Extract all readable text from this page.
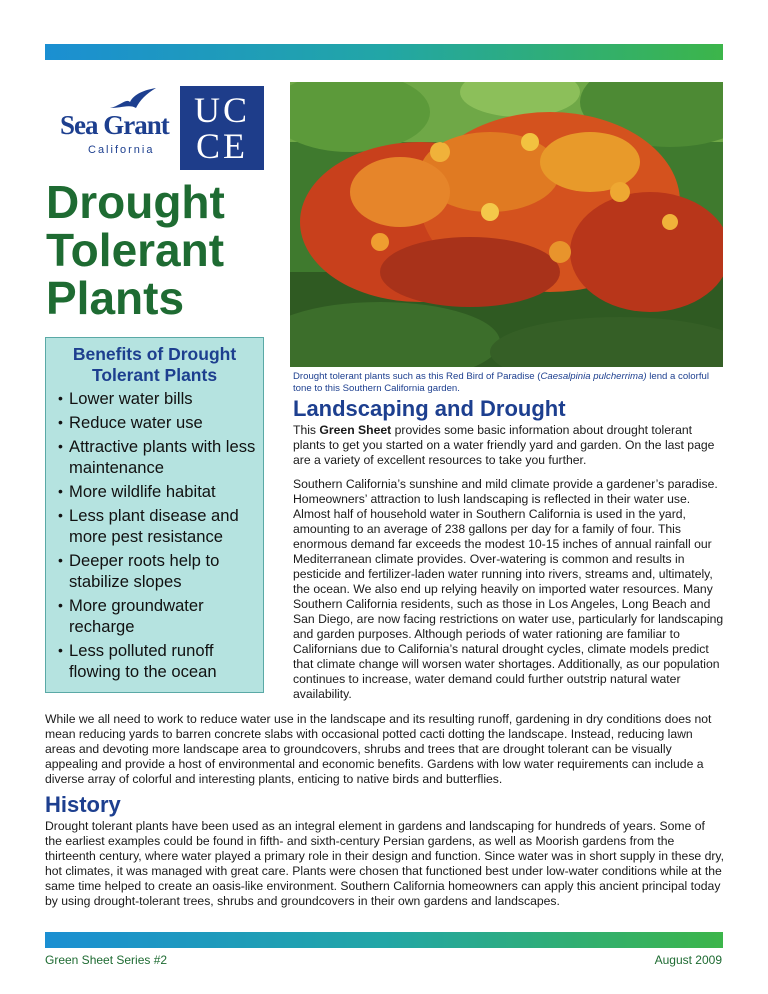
Sea Grant
California
UC
CE
Drought
Tolerant
Plants
Benefits of Drought Tolerant Plants
• Lower water bills
• Reduce water use
• Attractive plants with less maintenance
• More wildlife habitat
• Less plant disease and more pest resistance
• Deeper roots help to stabilize slopes
• More groundwater recharge
• Less polluted runoff flowing to the ocean
Drought tolerant plants such as this Red Bird of Paradise (Caesalpinia pulcherrima) lend a colorful tone to this Southern California garden.
Landscaping and Drought

This Green Sheet provides some basic information about drought tolerant plants to get you started on a water friendly yard and garden. On the last page are a variety of excellent resources to take you further.

Southern California’s sunshine and mild climate provide a gardener’s paradise. Homeowners’ attraction to lush landscaping is reflected in their water use. Almost half of household water in Southern California is used in the yard, amounting to an average of 238 gallons per day for a family of four. This enormous demand far exceeds the modest 10-15 inches of annual rainfall our Mediterranean climate provides. Over-watering is common and results in pesticide and fertilizer-laden water running into rivers, streams and, ultimately, the ocean. We also end up relying heavily on imported water resources. Many Southern California residents, such as those in Los Angeles, Long Beach and San Diego, are now facing restrictions on water use, particularly for landscaping and garden purposes. Although periods of water rationing are familiar to Californians due to California’s natural drought cycles, climate models predict that climate change will worsen water shortages. Additionally, as our population continues to increase, water demand could further outstrip natural water availability.

While we all need to work to reduce water use in the landscape and its resulting runoff, gardening in dry conditions does not mean reducing yards to barren concrete slabs with occasional potted cacti dotting the landscape. Instead, reducing lawn areas and devoting more landscape area to groundcovers, shrubs and trees that are drought tolerant can be visually appealing and provide a host of environmental and economic benefits. Gardens with low water requirements can include a diverse array of colorful and interesting plants, enticing to native birds and butterflies.

History

Drought tolerant plants have been used as an integral element in gardens and landscaping for hundreds of years. Some of the earliest examples could be found in fifth- and sixth-century Persian gardens, as well as Moorish gardens from the thirteenth century, where water played a primary role in their design and function. Since water was in short supply in these dry, hot climates, it was managed with great care. Plants were chosen that functioned best under low-water conditions while at the same time helped to create an oasis-like environment. Southern California homeowners can apply this ancient principal today by using drought-tolerant trees, shrubs and groundcovers in their own gardens and landscapes.

Green Sheet Series #2	August 2009
